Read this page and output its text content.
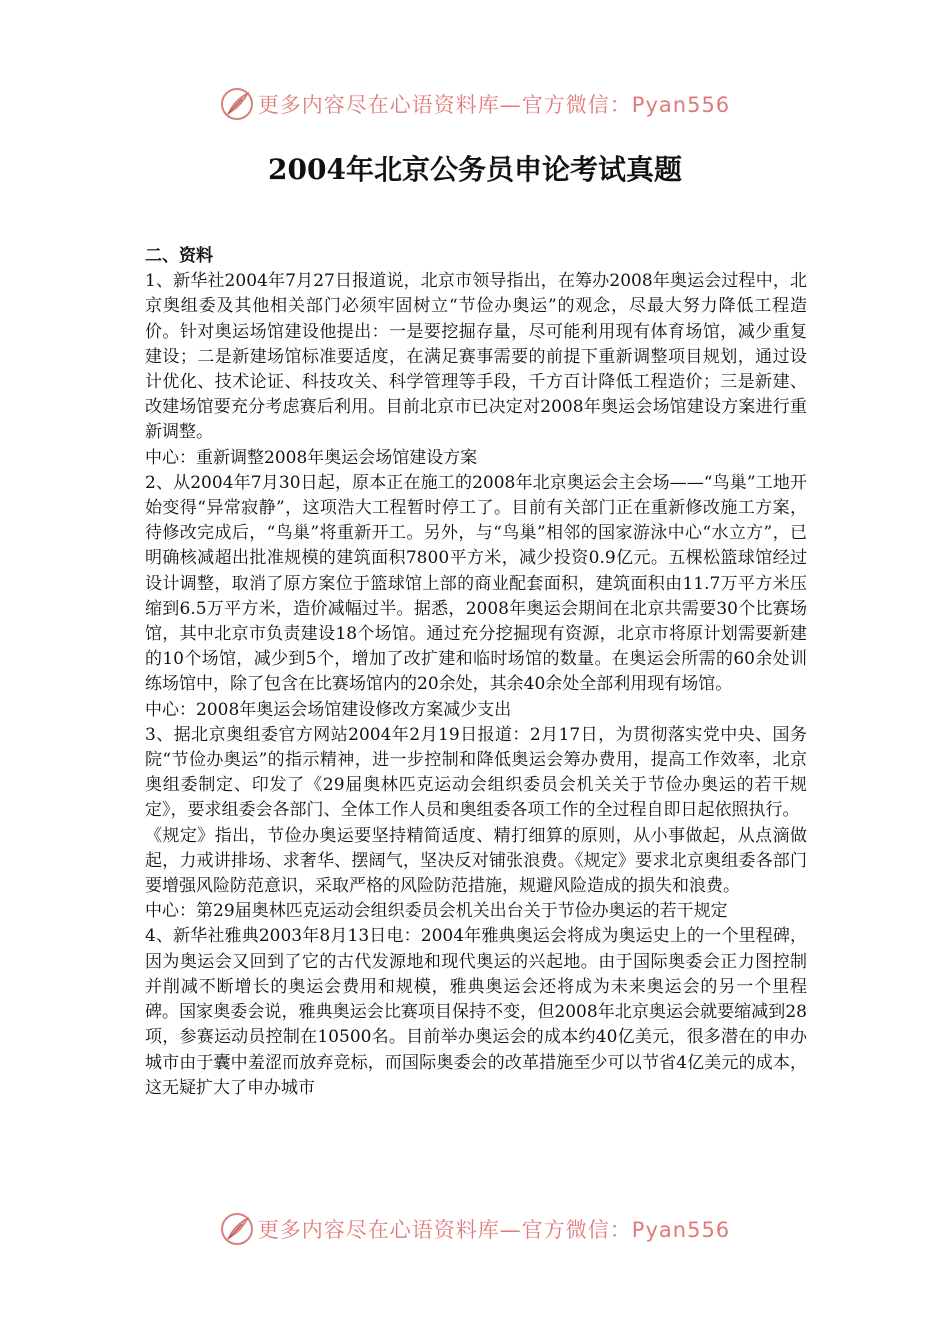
更多内容尽在心语资料库—官方微信：Pyan556
2004年北京公务员申论考试真题

二、资料

1、新华社2004年7月27日报道说，北京市领导指出，在筹办2008年奥运会过程中，北京奥组委及其他相关部门必须牢固树立“节俭办奥运”的观念，尽最大努力降低工程造价。针对奥运场馆建设他提出：一是要挖掘存量，尽可能利用现有体育场馆，减少重复建设；二是新建场馆标准要适度，在满足赛事需要的前提下重新调整项目规划，通过设计优化、技术论证、科技攻关、科学管理等手段，千方百计降低工程造价；三是新建、改建场馆要充分考虑赛后利用。目前北京市已决定对2008年奥运会场馆建设方案进行重新调整。

中心：重新调整2008年奥运会场馆建设方案

2、从2004年7月30日起，原本正在施工的2008年北京奥运会主会场——“鸟巢”工地开始变得“异常寂静”，这项浩大工程暂时停工了。目前有关部门正在重新修改施工方案，待修改完成后，“鸟巢”将重新开工。另外，与“鸟巢”相邻的国家游泳中心“水立方”，已明确核减超出批准规模的建筑面积7800平方米，减少投资0.9亿元。五棵松篮球馆经过设计调整，取消了原方案位于篮球馆上部的商业配套面积，建筑面积由11.7万平方米压缩到6.5万平方米，造价减幅过半。据悉，2008年奥运会期间在北京共需要30个比赛场馆，其中北京市负责建设18个场馆。通过充分挖掘现有资源，北京市将原计划需要新建的10个场馆，减少到5个，增加了改扩建和临时场馆的数量。在奥运会所需的60余处训练场馆中，除了包含在比赛场馆内的20余处，其余40余处全部利用现有场馆。

中心：2008年奥运会场馆建设修改方案减少支出

3、据北京奥组委官方网站2004年2月19日报道：2月17日，为贯彻落实党中央、国务院“节俭办奥运”的指示精神，进一步控制和降低奥运会筹办费用，提高工作效率，北京奥组委制定、印发了《29届奥林匹克运动会组织委员会机关关于节俭办奥运的若干规定》，要求组委会各部门、全体工作人员和奥组委各项工作的全过程自即日起依照执行。

《规定》指出，节俭办奥运要坚持精简适度、精打细算的原则，从小事做起，从点滴做起，力戒讲排场、求奢华、摆阔气，坚决反对铺张浪费。《规定》要求北京奥组委各部门要增强风险防范意识，采取严格的风险防范措施，规避风险造成的损失和浪费。

中心：第29届奥林匹克运动会组织委员会机关出台关于节俭办奥运的若干规定

4、新华社雅典2003年8月13日电：2004年雅典奥运会将成为奥运史上的一个里程碑，因为奥运会又回到了它的古代发源地和现代奥运的兴起地。由于国际奥委会正力图控制并削减不断增长的奥运会费用和规模，雅典奥运会还将成为未来奥运会的另一个里程碑。国家奥委会说，雅典奥运会比赛项目保持不变，但2008年北京奥运会就要缩减到28项，参赛运动员控制在10500名。目前举办奥运会的成本约40亿美元，很多潜在的申办城市由于囊中羞涩而放弃竞标，而国际奥委会的改革措施至少可以节省4亿美元的成本，这无疑扩大了申办城市

更多内容尽在心语资料库—官方微信：Pyan556
